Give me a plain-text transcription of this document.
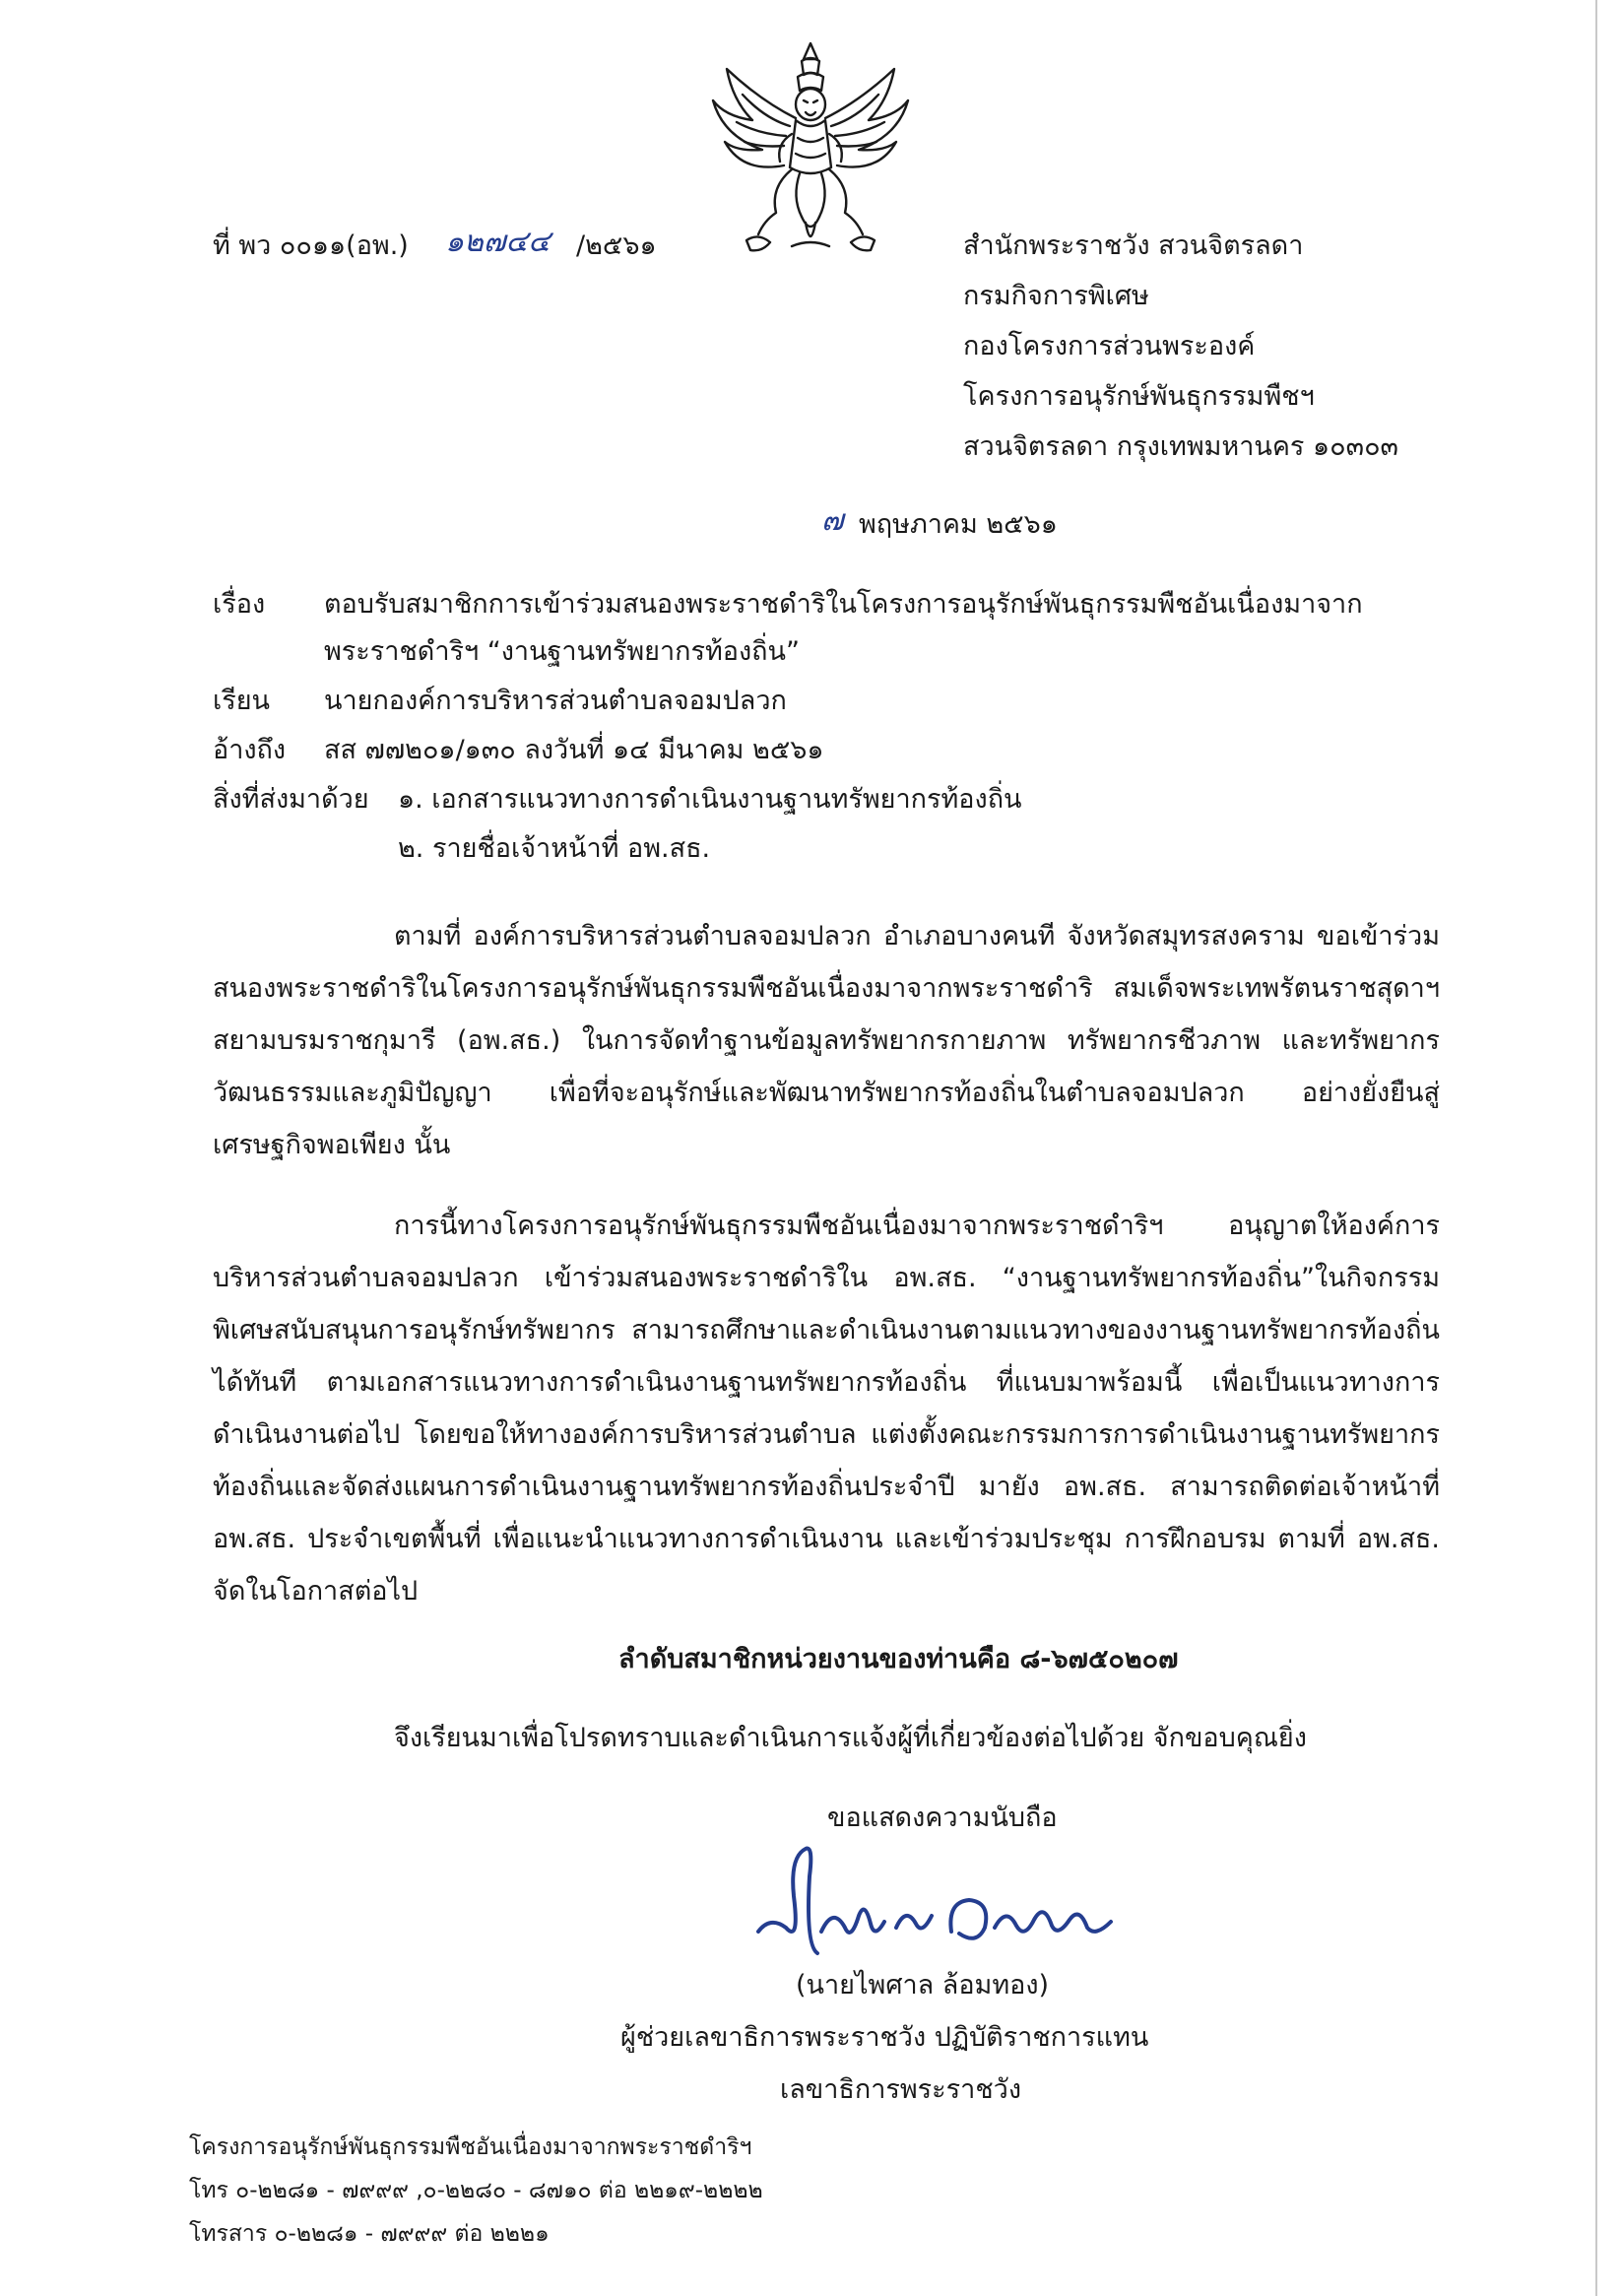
ที่ พว ๐๐๑๑(อพ.) ๑๒๗๔๔ /๒๕๖๑	สำนักพระราชวัง สวนจิตรลดา
กรมกิจการพิเศษ
กองโครงการส่วนพระองค์
โครงการอนุรักษ์พันธุกรรมพืชฯ
สวนจิตรลดา กรุงเทพมหานคร ๑๐๓๐๓
๗ พฤษภาคม ๒๕๖๑
เรื่อง ตอบรับสมาชิกการเข้าร่วมสนองพระราชดำริในโครงการอนุรักษ์พันธุกรรมพืชอันเนื่องมาจาก
พระราชดำริฯ “งานฐานทรัพยากรท้องถิ่น”
เรียน นายกองค์การบริหารส่วนตำบลจอมปลวก
อ้างถึง สส ๗๗๒๐๑/๑๓๐ ลงวันที่ ๑๔ มีนาคม ๒๕๖๑
สิ่งที่ส่งมาด้วย ๑. เอกสารแนวทางการดำเนินงานฐานทรัพยากรท้องถิ่น
๒. รายชื่อเจ้าหน้าที่ อพ.สธ.
ตามที่ องค์การบริหารส่วนตำบลจอมปลวก อำเภอบางคนที จังหวัดสมุทรสงคราม ขอเข้าร่วมสนองพระราชดำริในโครงการอนุรักษ์พันธุกรรมพืชอันเนื่องมาจากพระราชดำริ สมเด็จพระเทพรัตนราชสุดาฯ สยามบรมราชกุมารี (อพ.สธ.) ในการจัดทำฐานข้อมูลทรัพยากรกายภาพ ทรัพยากรชีวภาพ และทรัพยากรวัฒนธรรมและภูมิปัญญา เพื่อที่จะอนุรักษ์และพัฒนาทรัพยากรท้องถิ่นในตำบลจอมปลวก อย่างยั่งยืนสู่เศรษฐกิจพอเพียง นั้น
การนี้ทางโครงการอนุรักษ์พันธุกรรมพืชอันเนื่องมาจากพระราชดำริฯ อนุญาตให้องค์การบริหารส่วนตำบลจอมปลวก เข้าร่วมสนองพระราชดำริใน อพ.สธ. “งานฐานทรัพยากรท้องถิ่น”ในกิจกรรมพิเศษสนับสนุนการอนุรักษ์ทรัพยากร สามารถศึกษาและดำเนินงานตามแนวทางของงานฐานทรัพยากรท้องถิ่นได้ทันที ตามเอกสารแนวทางการดำเนินงานฐานทรัพยากรท้องถิ่น ที่แนบมาพร้อมนี้ เพื่อเป็นแนวทางการดำเนินงานต่อไป โดยขอให้ทางองค์การบริหารส่วนตำบล แต่งตั้งคณะกรรมการการดำเนินงานฐานทรัพยากรท้องถิ่นและจัดส่งแผนการดำเนินงานฐานทรัพยากรท้องถิ่นประจำปี มายัง อพ.สธ. สามารถติดต่อเจ้าหน้าที่ อพ.สธ. ประจำเขตพื้นที่ เพื่อแนะนำแนวทางการดำเนินงาน และเข้าร่วมประชุม การฝึกอบรม ตามที่ อพ.สธ. จัดในโอกาสต่อไป
ลำดับสมาชิกหน่วยงานของท่านคือ ๘-๖๗๕๐๒๐๗
จึงเรียนมาเพื่อโปรดทราบและดำเนินการแจ้งผู้ที่เกี่ยวข้องต่อไปด้วย จักขอบคุณยิ่ง
ขอแสดงความนับถือ
(นายไพศาล ล้อมทอง)
ผู้ช่วยเลขาธิการพระราชวัง ปฏิบัติราชการแทน
เลขาธิการพระราชวัง
โครงการอนุรักษ์พันธุกรรมพืชอันเนื่องมาจากพระราชดำริฯ
โทร ๐-๒๒๘๑ - ๗๙๙๙ ,๐-๒๒๘๐ - ๘๗๑๐ ต่อ ๒๒๑๙-๒๒๒๒
โทรสาร ๐-๒๒๘๑ - ๗๙๙๙ ต่อ ๒๒๒๑
